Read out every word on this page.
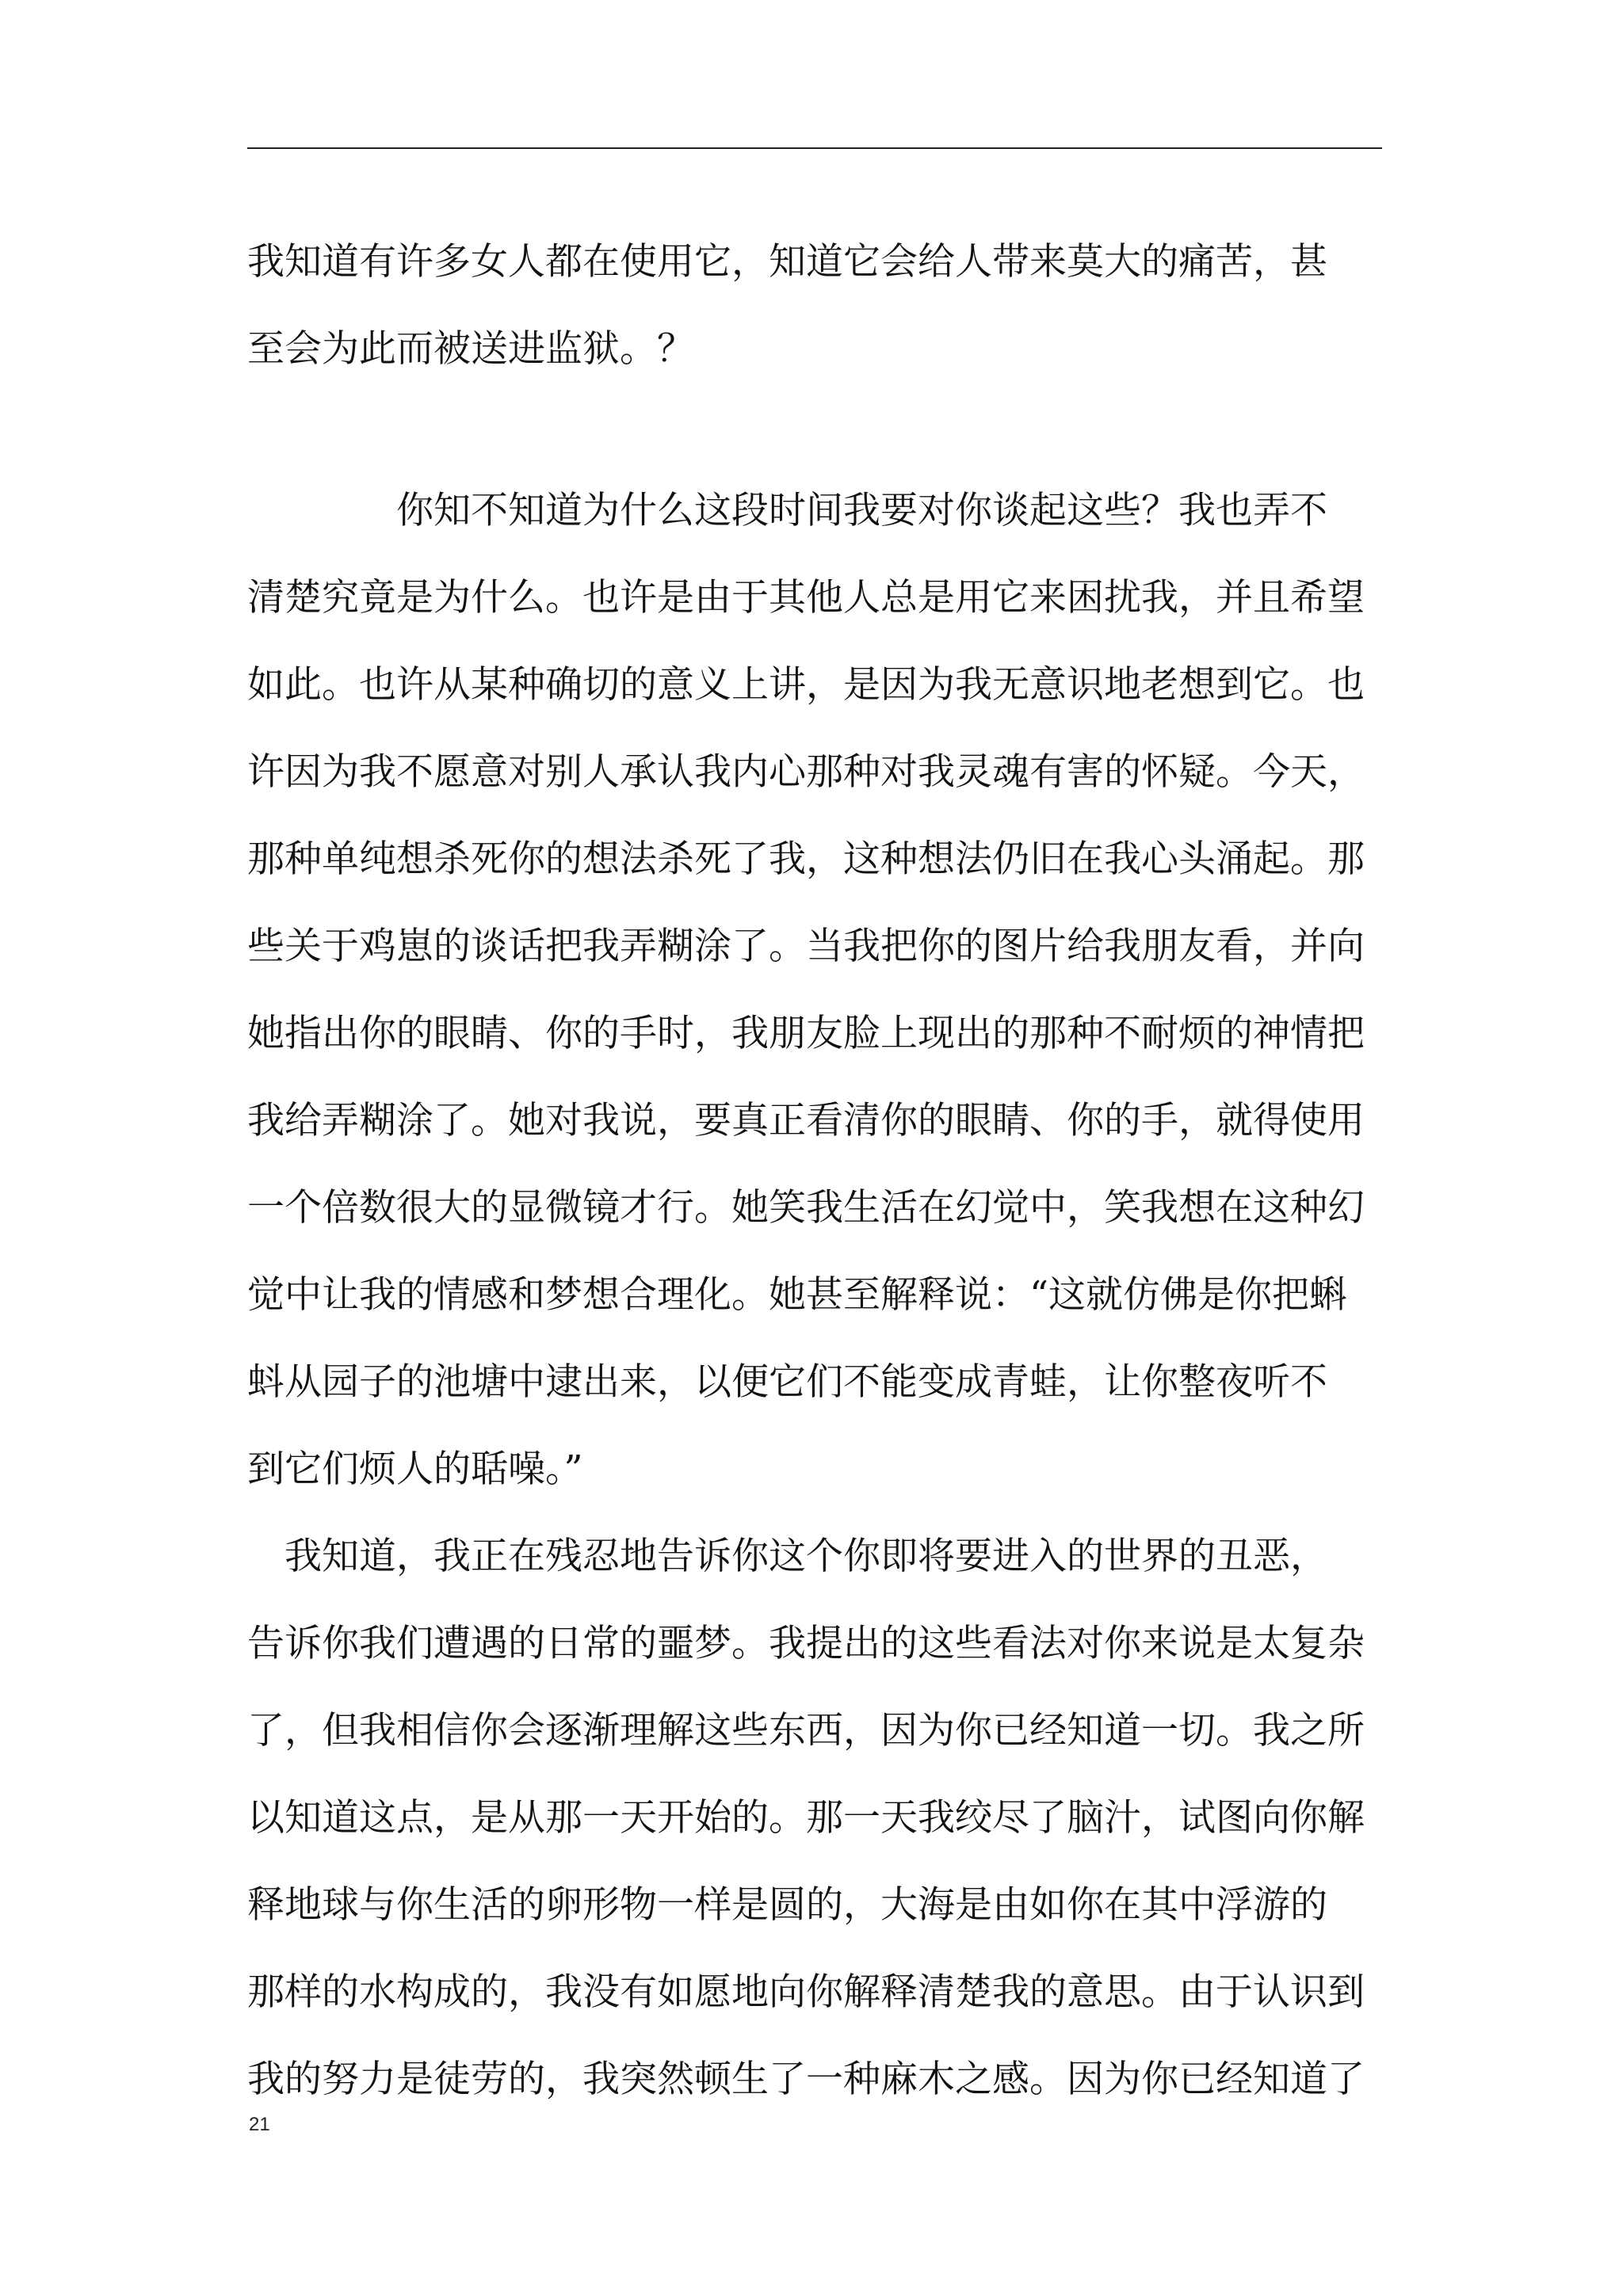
我知道有许多女人都在使用它，知道它会给人带来莫大的痛苦，甚
至会为此而被送进监狱。？
　　　　你知不知道为什么这段时间我要对你谈起这些？我也弄不
清楚究竟是为什么。也许是由于其他人总是用它来困扰我，并且希望
如此。也许从某种确切的意义上讲，是因为我无意识地老想到它。也
许因为我不愿意对别人承认我内心那种对我灵魂有害的怀疑。今天，
那种单纯想杀死你的想法杀死了我，这种想法仍旧在我心头涌起。那
些关于鸡崽的谈话把我弄糊涂了。当我把你的图片给我朋友看，并向
她指出你的眼睛、你的手时，我朋友脸上现出的那种不耐烦的神情把
我给弄糊涂了。她对我说，要真正看清你的眼睛、你的手，就得使用
一个倍数很大的显微镜才行。她笑我生活在幻觉中，笑我想在这种幻
觉中让我的情感和梦想合理化。她甚至解释说：“这就仿佛是你把蝌
蚪从园子的池塘中逮出来，以便它们不能变成青蛙，让你整夜听不
到它们烦人的聒噪。”
　我知道，我正在残忍地告诉你这个你即将要进入的世界的丑恶，
告诉你我们遭遇的日常的噩梦。我提出的这些看法对你来说是太复杂
了，但我相信你会逐渐理解这些东西，因为你已经知道一切。我之所
以知道这点，是从那一天开始的。那一天我绞尽了脑汁，试图向你解
释地球与你生活的卵形物一样是圆的，大海是由如你在其中浮游的
那样的水构成的，我没有如愿地向你解释清楚我的意思。由于认识到
我的努力是徒劳的，我突然顿生了一种麻木之感。因为你已经知道了
21
